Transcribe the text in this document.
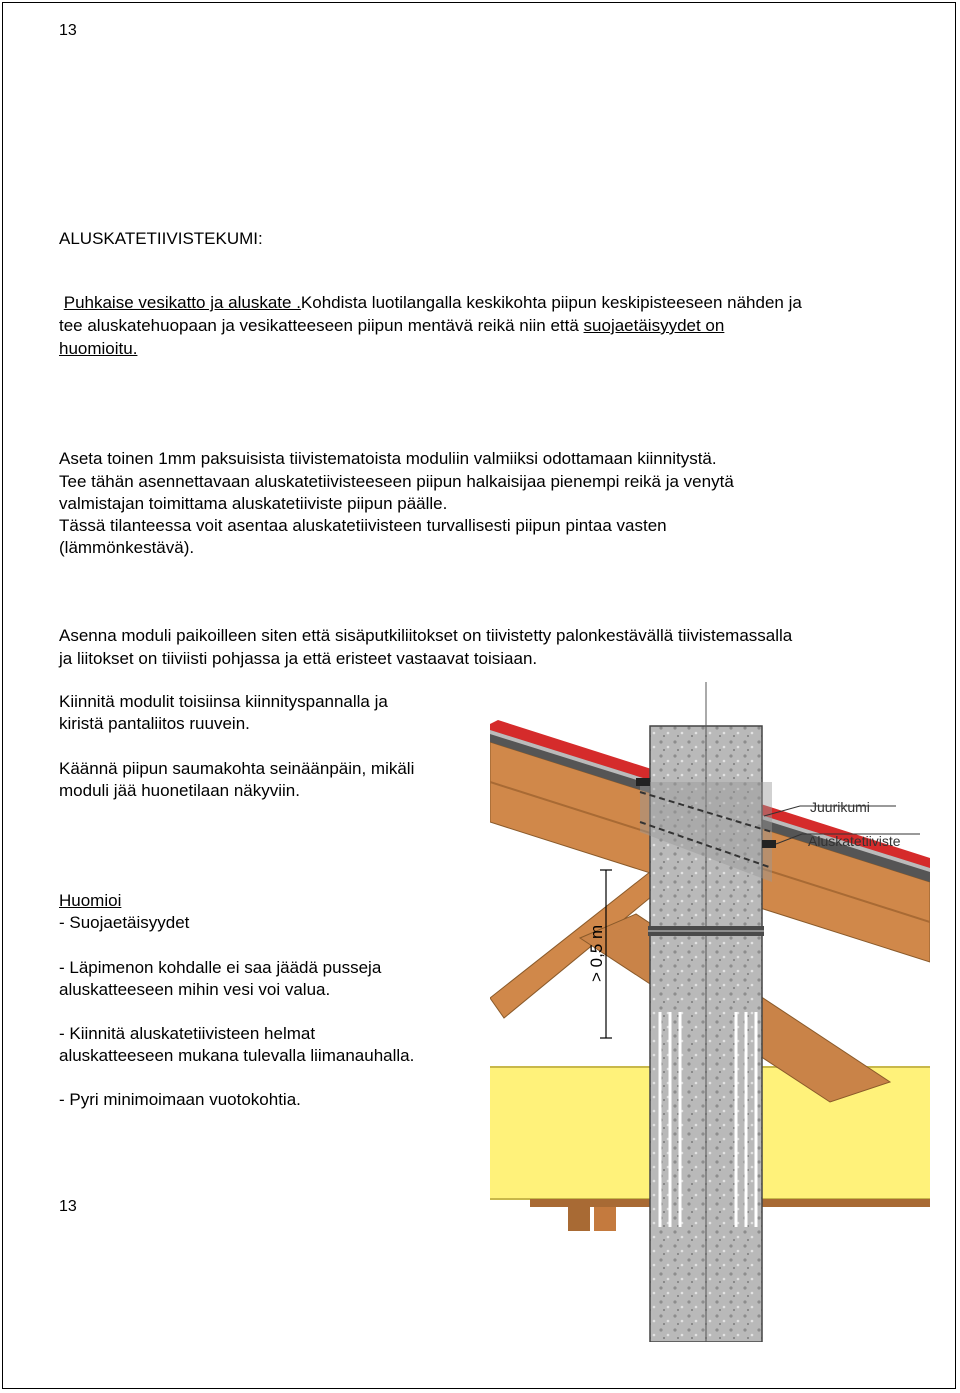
13
ALUSKATETIIVISTEKUMI:
Puhkaise vesikatto ja aluskate .Kohdista luotilangalla keskikohta piipun keskipisteeseen nähden ja
tee aluskatehuopaan ja vesikatteeseen piipun mentävä reikä niin että suojaetäisyydet on
huomioitu.
Aseta toinen 1mm paksuisista tiivistematoista moduliin valmiiksi odottamaan kiinnitystä.
Tee tähän asennettavaan aluskatetiivisteeseen piipun halkaisijaa pienempi reikä ja venytä
valmistajan toimittama aluskatetiiviste piipun päälle.
Tässä tilanteessa voit asentaa aluskatetiivisteen turvallisesti piipun pintaa vasten
(lämmönkestävä).
Asenna moduli paikoilleen siten että sisäputkiliitokset on tiivistetty palonkestävällä tiivistemassalla
ja liitokset on tiiviisti pohjassa ja että eristeet vastaavat toisiaan.
Kiinnitä modulit toisiinsa kiinnityspannalla ja
kiristä pantaliitos ruuvein.
Käännä piipun saumakohta seinäänpäin, mikäli
moduli jää huonetilaan näkyviin.
Huomioi
- Suojaetäisyydet
- Läpimenon kohdalle ei saa jäädä pusseja
aluskatteeseen mihin vesi voi valua.
- Kiinnitä aluskatetiivisteen helmat
aluskatteeseen mukana tulevalla liimanauhalla.
- Pyri minimoimaan vuotokohtia.
13
> 0,5 m
Juurikumi
Aluskatetiiviste
